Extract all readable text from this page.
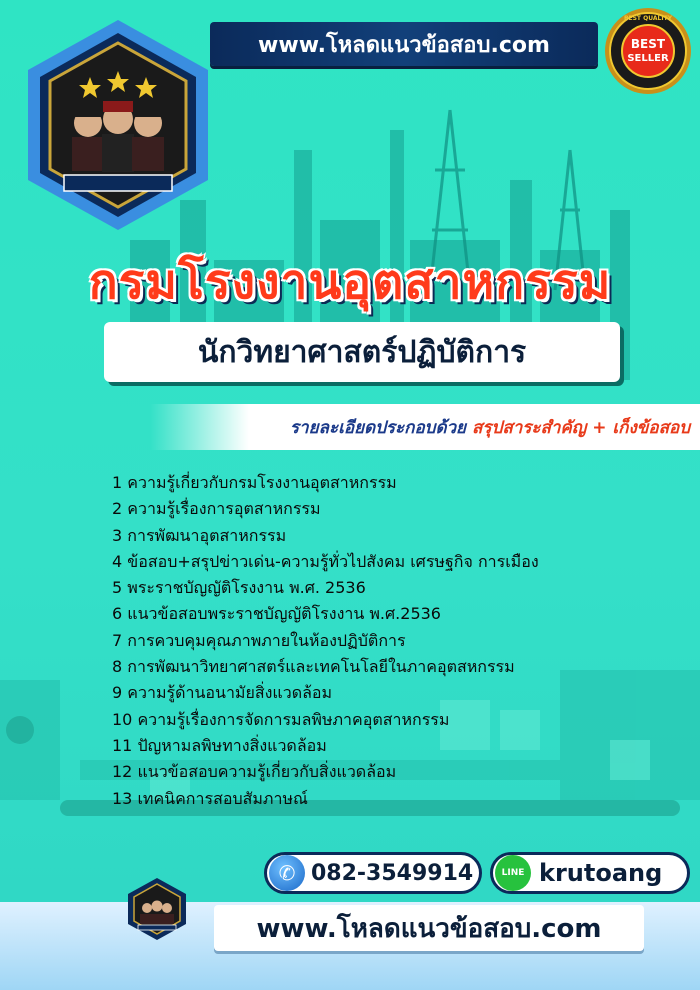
www.โหลดแนวข้อสอบ.com	BEST
SELLER
BEST QUALITY
กรมโรงงานอุตสาหกรรม
นักวิทยาศาสตร์ปฏิบัติการ
รายละเอียดประกอบด้วย สรุปสาระสำคัญ + เก็งข้อสอบ
1 ความรู้เกี่ยวกับกรมโรงงานอุตสาหกรรม
2 ความรู้เรื่องการอุตสาหกรรม
3 การพัฒนาอุตสาหกรรม
4 ข้อสอบ+สรุปข่าวเด่น-ความรู้ทั่วไปสังคม เศรษฐกิจ การเมือง
5 พระราชบัญญัติโรงงาน พ.ศ. 2536
6 แนวข้อสอบพระราชบัญญัติโรงงาน พ.ศ.2536
7 การควบคุมคุณภาพภายในห้องปฏิบัติการ
8 การพัฒนาวิทยาศาสตร์และเทคโนโลยีในภาคอุตสหกรรม
9 ความรู้ด้านอนามัยสิ่งแวดล้อม
10 ความรู้เรื่องการจัดการมลพิษภาคอุตสาหกรรม
11 ปัญหามลพิษทางสิ่งแวดล้อม
12 แนวข้อสอบความรู้เกี่ยวกับสิ่งแวดล้อม
13 เทคนิคการสอบสัมภาษณ์
✆ 082-3549914	LINE krutoang
www.โหลดแนวข้อสอบ.com
